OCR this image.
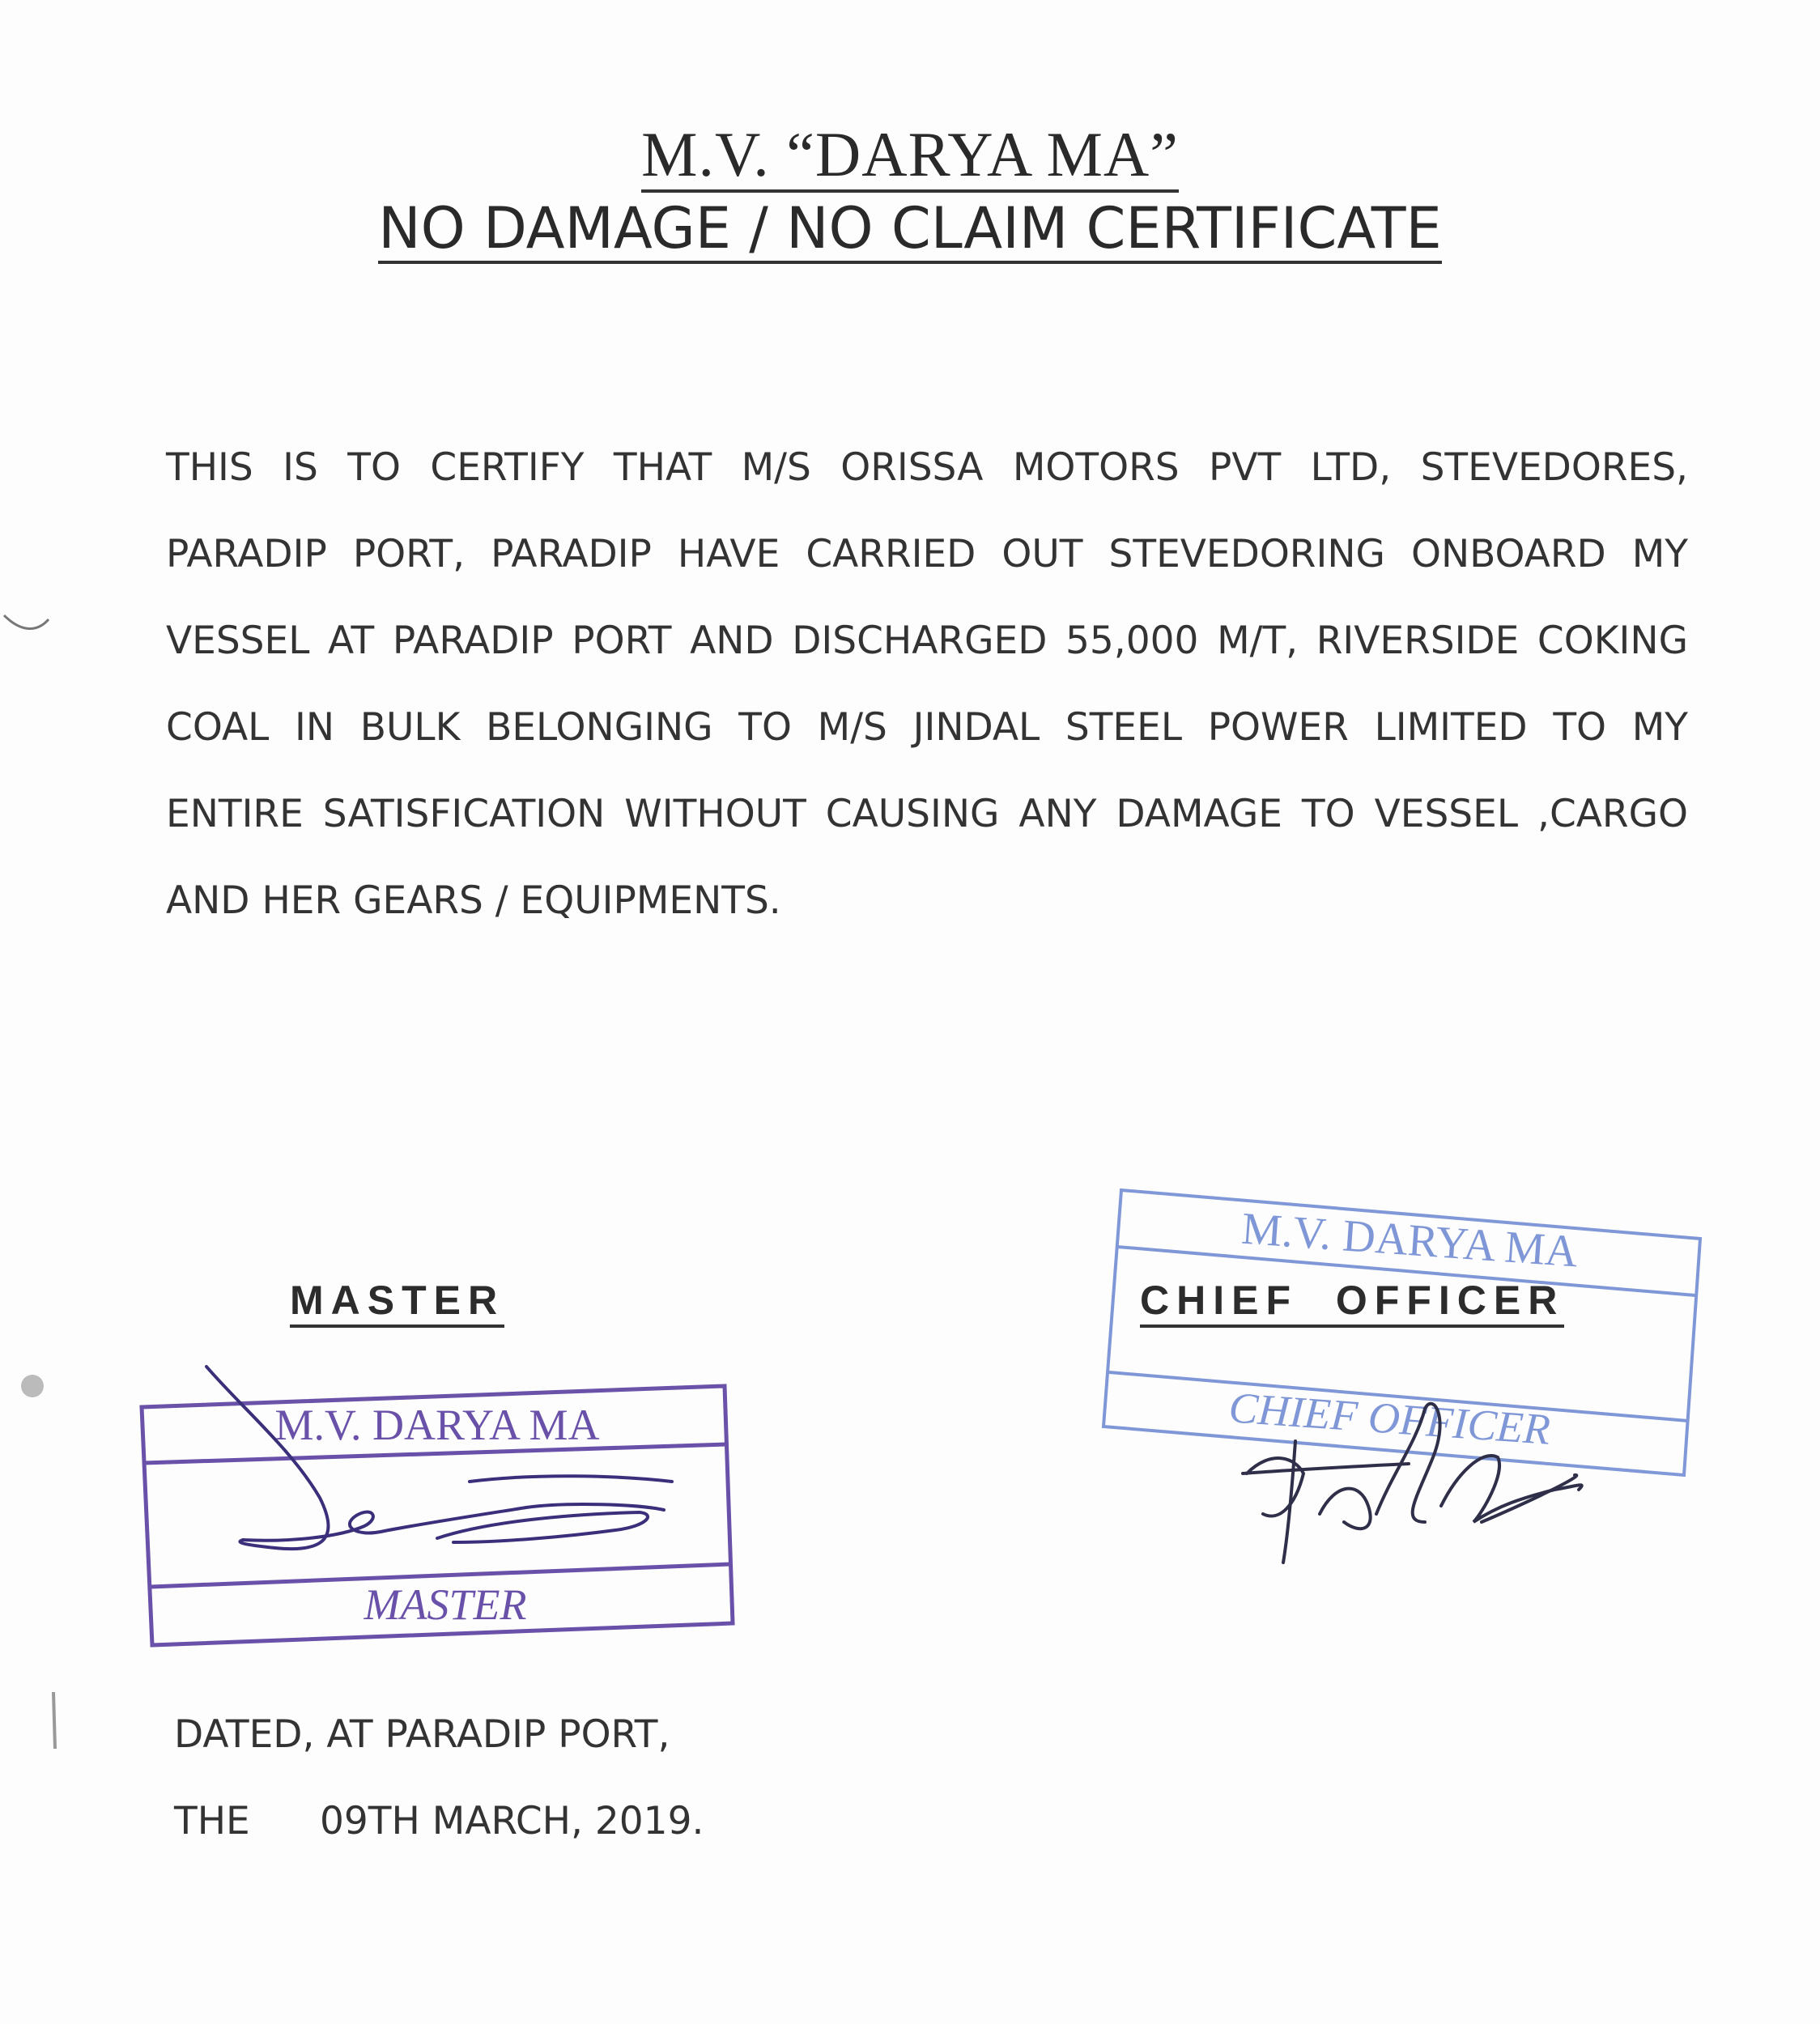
M.V. “DARYA MA”
NO DAMAGE / NO CLAIM CERTIFICATE
THIS IS TO CERTIFY THAT M/S ORISSA MOTORS PVT LTD, STEVEDORES,
PARADIP PORT, PARADIP HAVE CARRIED OUT STEVEDORING ONBOARD MY
VESSEL AT PARADIP PORT AND DISCHARGED 55,000 M/T, RIVERSIDE COKING
COAL IN BULK BELONGING TO M/S JINDAL STEEL POWER LIMITED TO MY
ENTIRE SATISFICATION WITHOUT CAUSING ANY DAMAGE TO VESSEL ,CARGO
AND HER GEARS / EQUIPMENTS.
MASTER
M.V. DARYA MA
MASTER
M.V. DARYA MA
CHIEF OFFICER
CHIEF OFFICER
DATED, AT PARADIP PORT,
THE 09TH MARCH, 2019.
